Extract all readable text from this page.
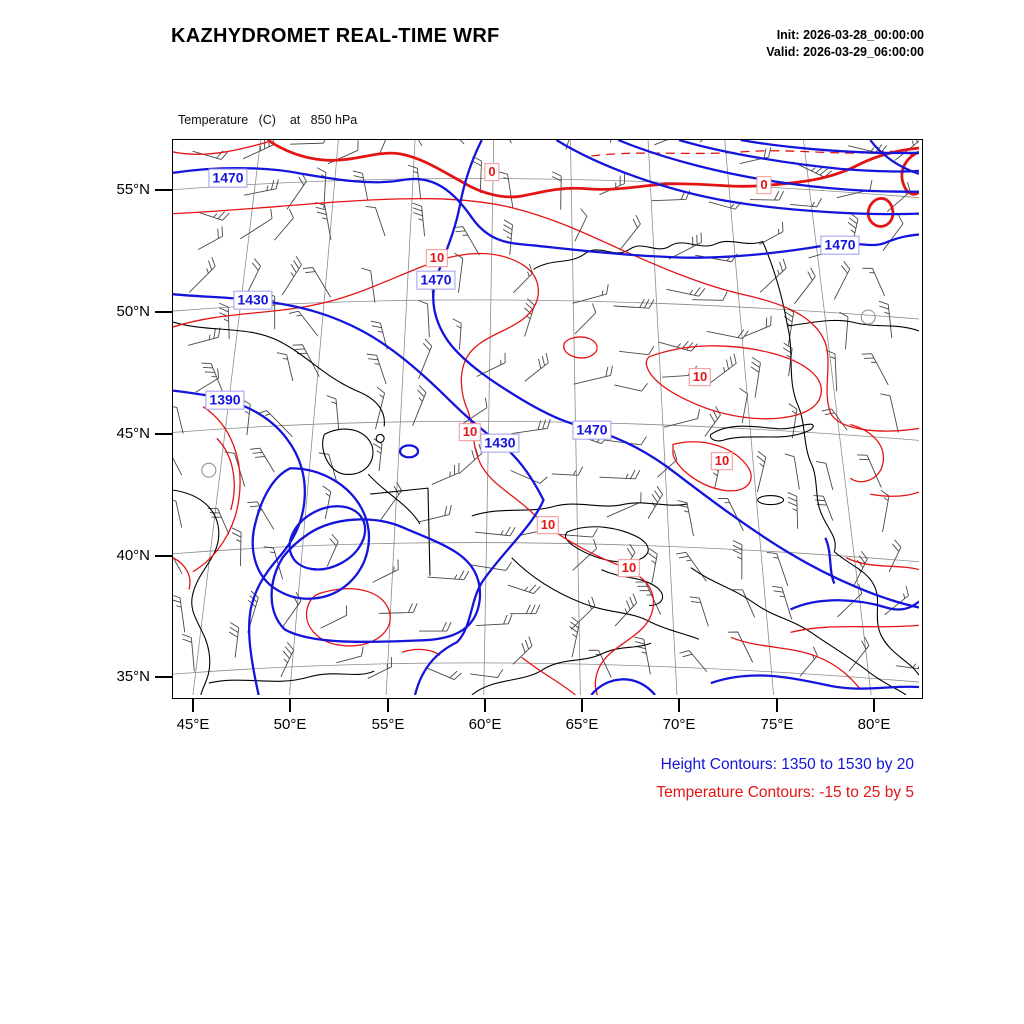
KAZHYDROMET REAL-TIME WRF	Init: 2026-03-28_00:00:00
Valid: 2026-03-29_06:00:00

Temperature   (C)    at   850 hPa

1470
1430
1390
1470
1470
1430
1470
0
0
10
10
10
10
10
10
55°N
50°N
45°N
40°N
35°N
45°E	50°E	55°E	60°E	65°E	70°E	75°E	80°E
Height Contours: 1350 to 1530 by 20
Temperature Contours: -15 to 25 by 5
